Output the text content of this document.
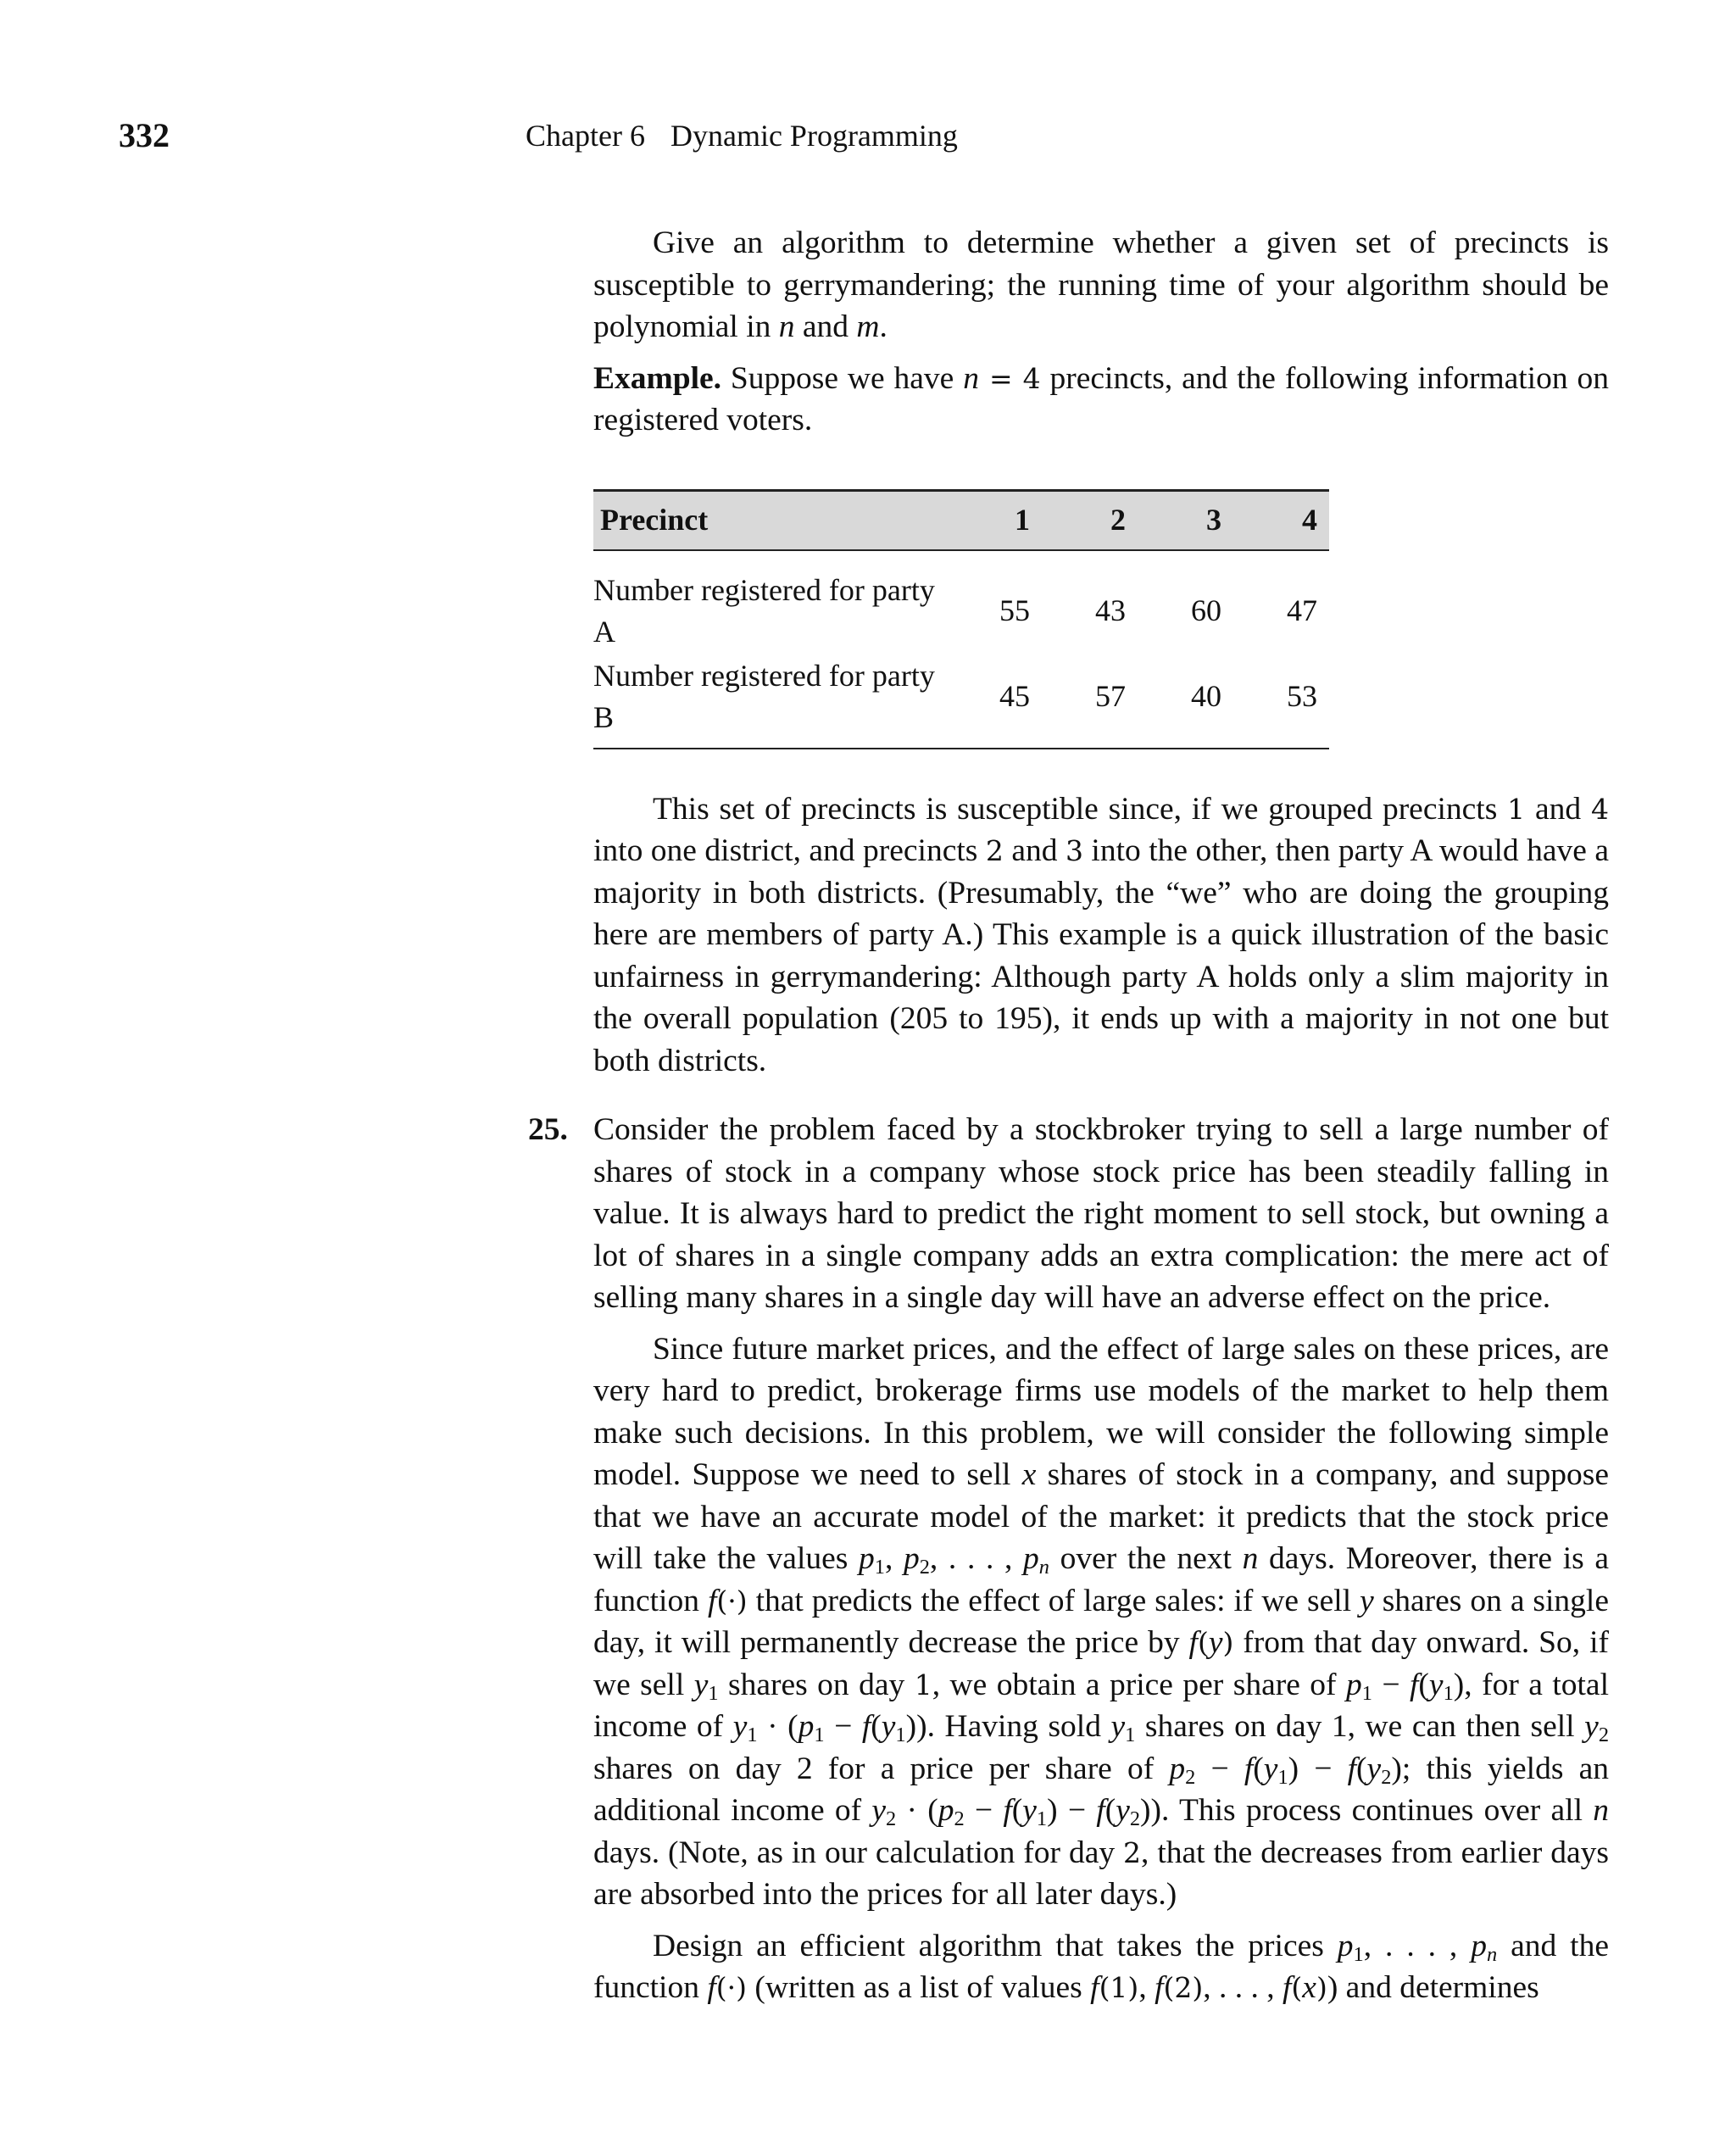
332	Chapter 6 Dynamic Programming

Give an algorithm to determine whether a given set of precincts is susceptible to gerrymandering; the running time of your algorithm should be polynomial in n and m.

Example. Suppose we have n = 4 precincts, and the following information on registered voters.

Precinct	1	2	3	4
Number registered for party A	55	43	60	47
Number registered for party B	45	57	40	53

This set of precincts is susceptible since, if we grouped precincts 1 and 4 into one district, and precincts 2 and 3 into the other, then party A would have a majority in both districts. (Presumably, the “we” who are doing the grouping here are members of party A.) This example is a quick illustration of the basic unfairness in gerrymandering: Although party A holds only a slim majority in the overall population (205 to 195), it ends up with a majority in not one but both districts.

25. Consider the problem faced by a stockbroker trying to sell a large number of shares of stock in a company whose stock price has been steadily falling in value. It is always hard to predict the right moment to sell stock, but owning a lot of shares in a single company adds an extra complication: the mere act of selling many shares in a single day will have an adverse effect on the price.

Since future market prices, and the effect of large sales on these prices, are very hard to predict, brokerage firms use models of the market to help them make such decisions. In this problem, we will consider the following simple model. Suppose we need to sell x shares of stock in a company, and suppose that we have an accurate model of the market: it predicts that the stock price will take the values $p_1$, $p_2$, . . . , $p_n$ over the next n days. Moreover, there is a function f(·) that predicts the effect of large sales: if we sell y shares on a single day, it will permanently decrease the price by f(y) from that day onward. So, if we sell $y_1$ shares on day 1, we obtain a price per share of $p_1 - f(y_1)$, for a total income of $y_1 \cdot (p_1 - f(y_1))$. Having sold $y_1$ shares on day 1, we can then sell $y_2$ shares on day 2 for a price per share of $p_2 - f(y_1) - f(y_2)$; this yields an additional income of $y_2 \cdot (p_2 - f(y_1) - f(y_2))$. This process continues over all n days. (Note, as in our calculation for day 2, that the decreases from earlier days are absorbed into the prices for all later days.)

Design an efficient algorithm that takes the prices $p_1$, . . . , $p_n$ and the function f(·) (written as a list of values f(1), f(2), . . . , f(x)) and determines
